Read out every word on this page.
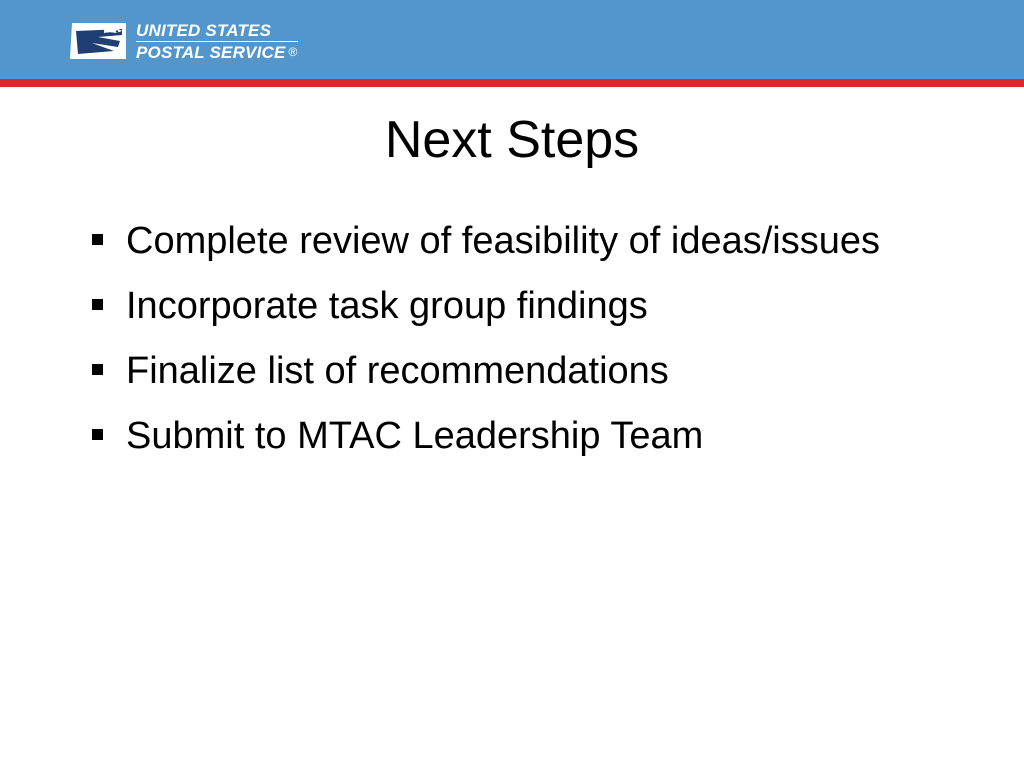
UNITED STATES
POSTAL SERVICE ®
Next Steps
Complete review of feasibility of ideas/issues
Incorporate task group findings
Finalize list of recommendations
Submit to MTAC Leadership Team
